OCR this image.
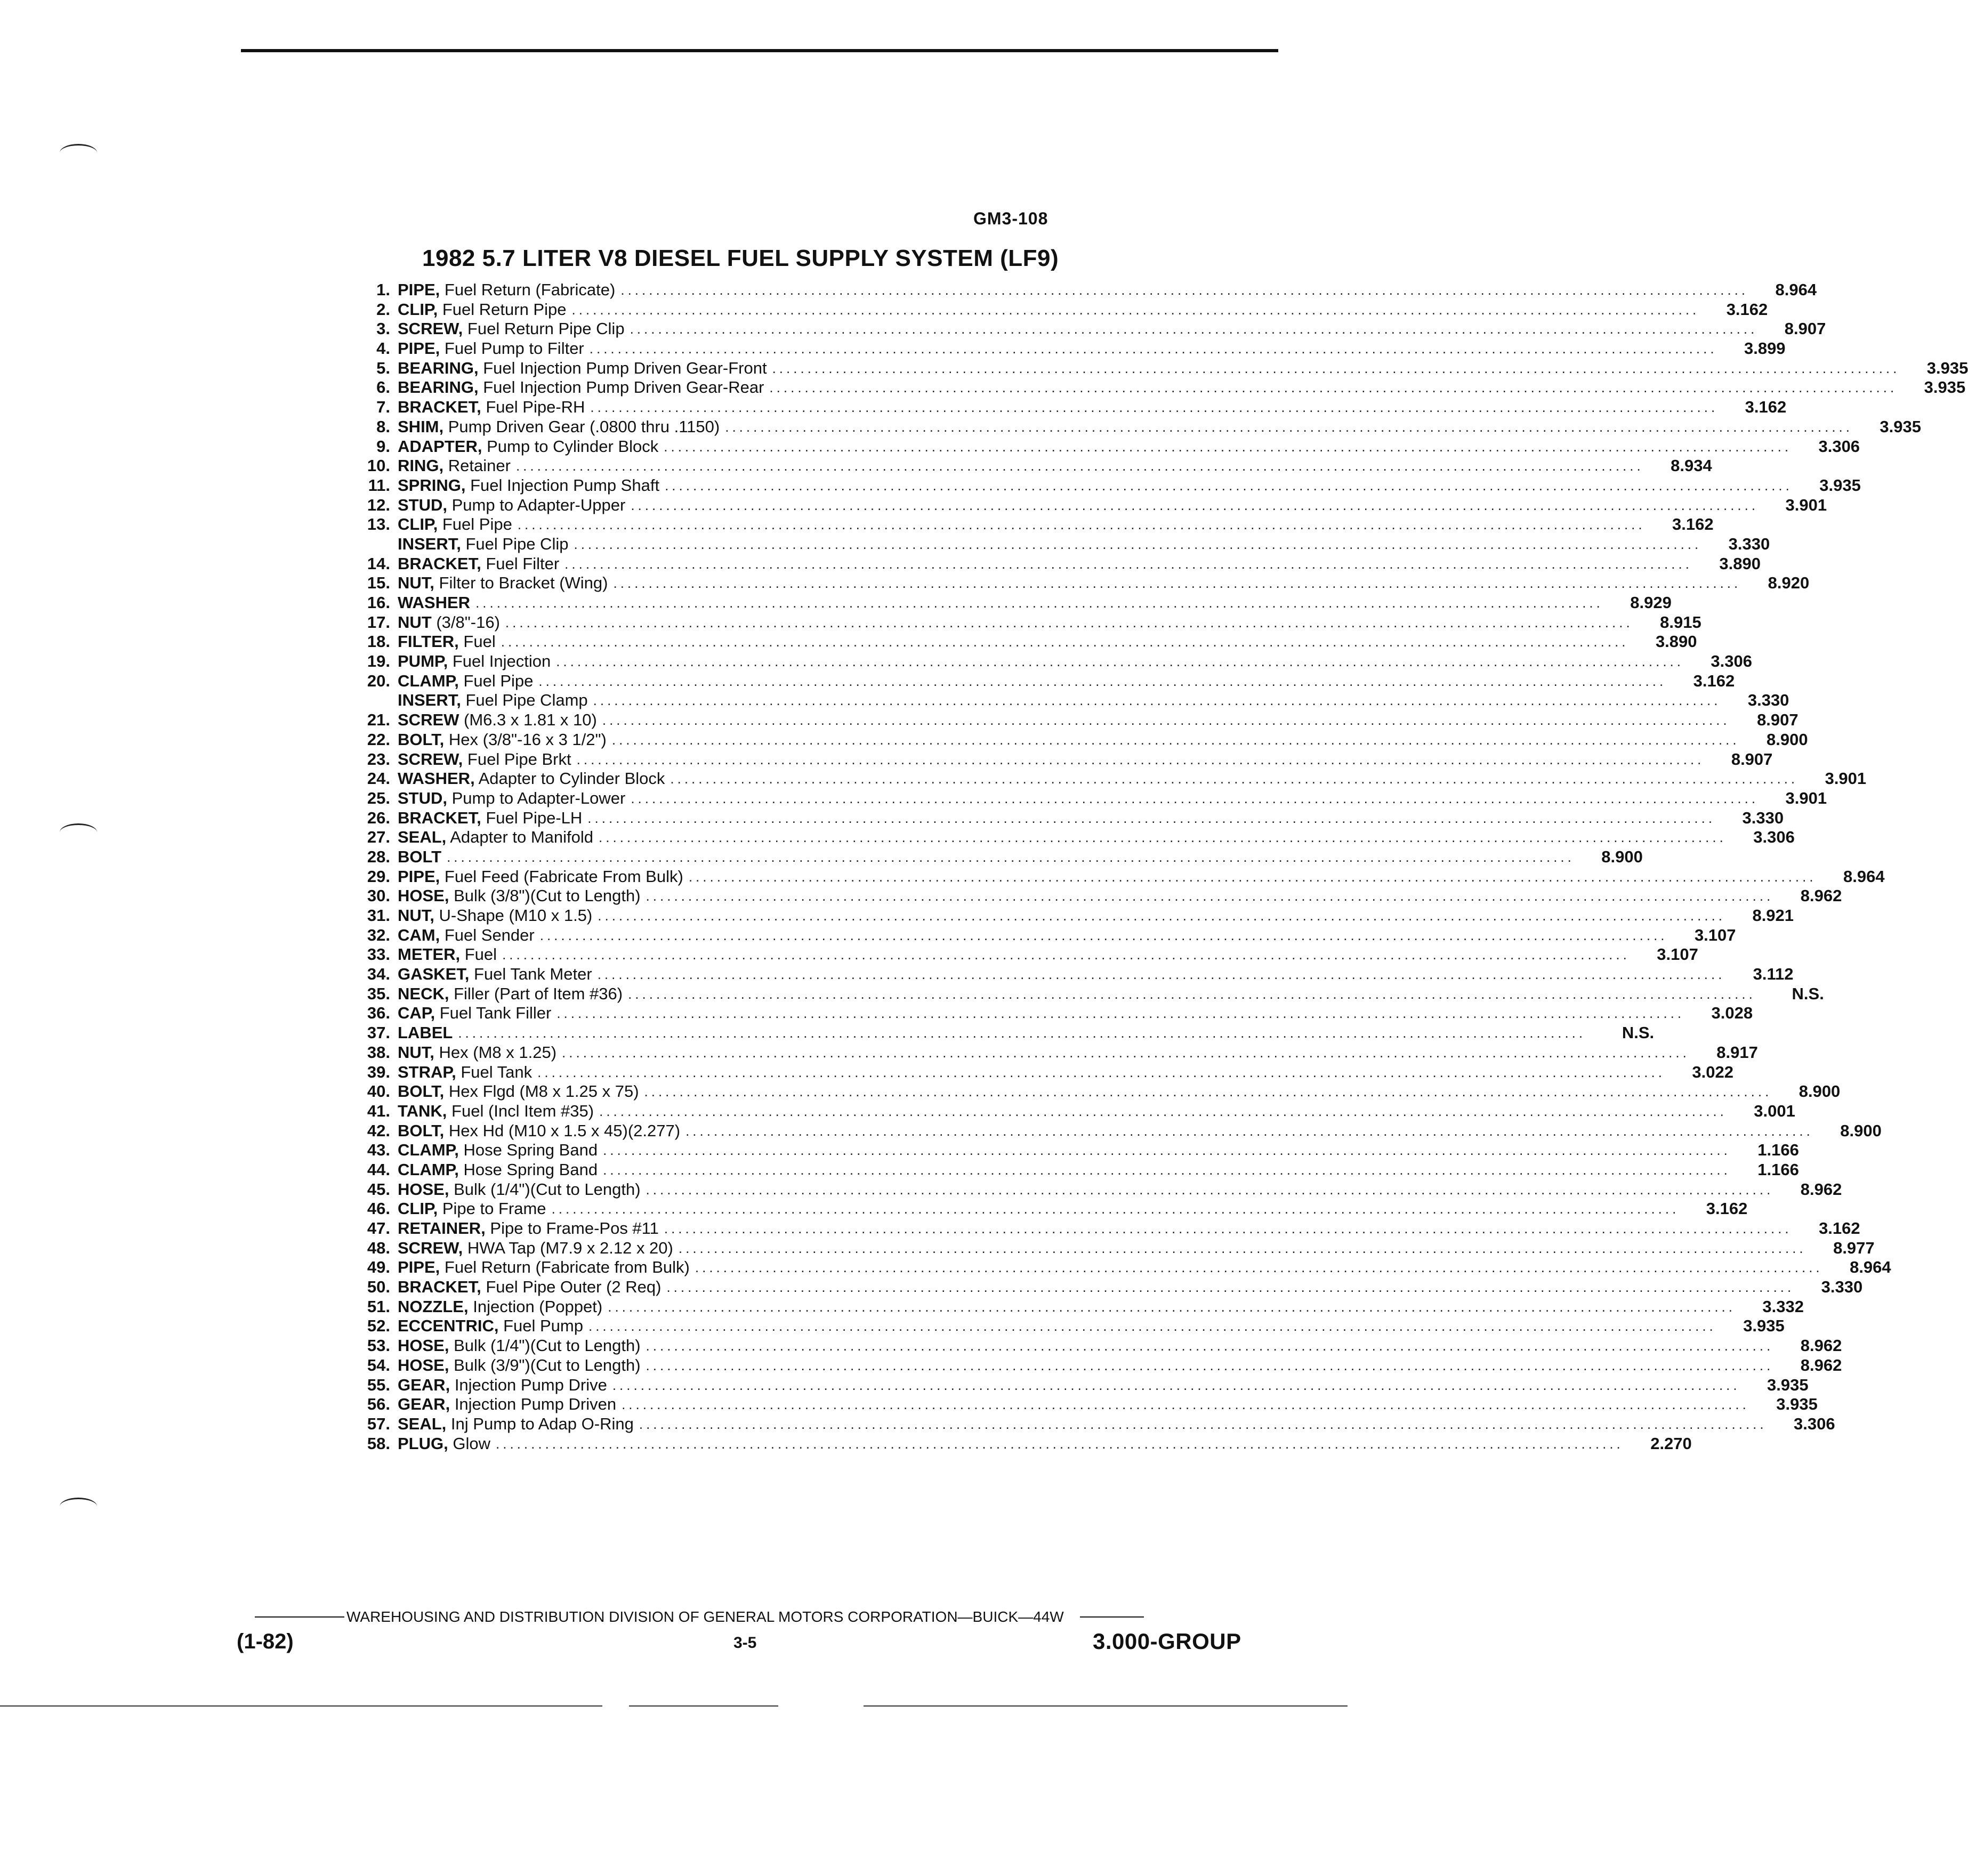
GM3-108
1982 5.7 LITER V8 DIESEL FUEL SUPPLY SYSTEM (LF9)
1. PIPE, Fuel Return (Fabricate) ................................................................................................................................................................	8.964
2. CLIP, Fuel Return Pipe ................................................................................................................................................................	3.162
3. SCREW, Fuel Return Pipe Clip ................................................................................................................................................................	8.907
4. PIPE, Fuel Pump to Filter ................................................................................................................................................................	3.899
5. BEARING, Fuel Injection Pump Driven Gear-Front ................................................................................................................................................................	3.935
6. BEARING, Fuel Injection Pump Driven Gear-Rear ................................................................................................................................................................	3.935
7. BRACKET, Fuel Pipe-RH ................................................................................................................................................................	3.162
8. SHIM, Pump Driven Gear (.0800 thru .1150) ................................................................................................................................................................	3.935
9. ADAPTER, Pump to Cylinder Block ................................................................................................................................................................	3.306
10. RING, Retainer ................................................................................................................................................................	8.934
11. SPRING, Fuel Injection Pump Shaft ................................................................................................................................................................	3.935
12. STUD, Pump to Adapter-Upper ................................................................................................................................................................	3.901
13. CLIP, Fuel Pipe ................................................................................................................................................................	3.162
INSERT, Fuel Pipe Clip ................................................................................................................................................................	3.330
14. BRACKET, Fuel Filter ................................................................................................................................................................	3.890
15. NUT, Filter to Bracket (Wing) ................................................................................................................................................................	8.920
16. WASHER ................................................................................................................................................................	8.929
17. NUT (3/8"-16) ................................................................................................................................................................	8.915
18. FILTER, Fuel ................................................................................................................................................................	3.890
19. PUMP, Fuel Injection ................................................................................................................................................................	3.306
20. CLAMP, Fuel Pipe ................................................................................................................................................................	3.162
INSERT, Fuel Pipe Clamp ................................................................................................................................................................	3.330
21. SCREW (M6.3 x 1.81 x 10) ................................................................................................................................................................	8.907
22. BOLT, Hex (3/8"-16 x 3 1/2") ................................................................................................................................................................	8.900
23. SCREW, Fuel Pipe Brkt ................................................................................................................................................................	8.907
24. WASHER, Adapter to Cylinder Block ................................................................................................................................................................	3.901
25. STUD, Pump to Adapter-Lower ................................................................................................................................................................	3.901
26. BRACKET, Fuel Pipe-LH ................................................................................................................................................................	3.330
27. SEAL, Adapter to Manifold ................................................................................................................................................................	3.306
28. BOLT ................................................................................................................................................................	8.900
29. PIPE, Fuel Feed (Fabricate From Bulk) ................................................................................................................................................................	8.964
30. HOSE, Bulk (3/8")(Cut to Length) ................................................................................................................................................................	8.962
31. NUT, U-Shape (M10 x 1.5) ................................................................................................................................................................	8.921
32. CAM, Fuel Sender ................................................................................................................................................................	3.107
33. METER, Fuel ................................................................................................................................................................	3.107
34. GASKET, Fuel Tank Meter ................................................................................................................................................................	3.112
35. NECK, Filler (Part of Item #36) ................................................................................................................................................................	N.S.
36. CAP, Fuel Tank Filler ................................................................................................................................................................	3.028
37. LABEL ................................................................................................................................................................	N.S.
38. NUT, Hex (M8 x 1.25) ................................................................................................................................................................	8.917
39. STRAP, Fuel Tank ................................................................................................................................................................	3.022
40. BOLT, Hex Flgd (M8 x 1.25 x 75) ................................................................................................................................................................	8.900
41. TANK, Fuel (Incl Item #35) ................................................................................................................................................................	3.001
42. BOLT, Hex Hd (M10 x 1.5 x 45)(2.277) ................................................................................................................................................................	8.900
43. CLAMP, Hose Spring Band ................................................................................................................................................................	1.166
44. CLAMP, Hose Spring Band ................................................................................................................................................................	1.166
45. HOSE, Bulk (1/4")(Cut to Length) ................................................................................................................................................................	8.962
46. CLIP, Pipe to Frame ................................................................................................................................................................	3.162
47. RETAINER, Pipe to Frame-Pos #11 ................................................................................................................................................................	3.162
48. SCREW, HWA Tap (M7.9 x 2.12 x 20) ................................................................................................................................................................	8.977
49. PIPE, Fuel Return (Fabricate from Bulk) ................................................................................................................................................................	8.964
50. BRACKET, Fuel Pipe Outer (2 Req) ................................................................................................................................................................	3.330
51. NOZZLE, Injection (Poppet) ................................................................................................................................................................	3.332
52. ECCENTRIC, Fuel Pump ................................................................................................................................................................	3.935
53. HOSE, Bulk (1/4")(Cut to Length) ................................................................................................................................................................	8.962
54. HOSE, Bulk (3/9")(Cut to Length) ................................................................................................................................................................	8.962
55. GEAR, Injection Pump Drive ................................................................................................................................................................	3.935
56. GEAR, Injection Pump Driven ................................................................................................................................................................	3.935
57. SEAL, Inj Pump to Adap O-Ring ................................................................................................................................................................	3.306
58. PLUG, Glow ................................................................................................................................................................	2.270
WAREHOUSING AND DISTRIBUTION DIVISION OF GENERAL MOTORS CORPORATION—BUICK—44W
(1-82)	3-5	3.000-GROUP
